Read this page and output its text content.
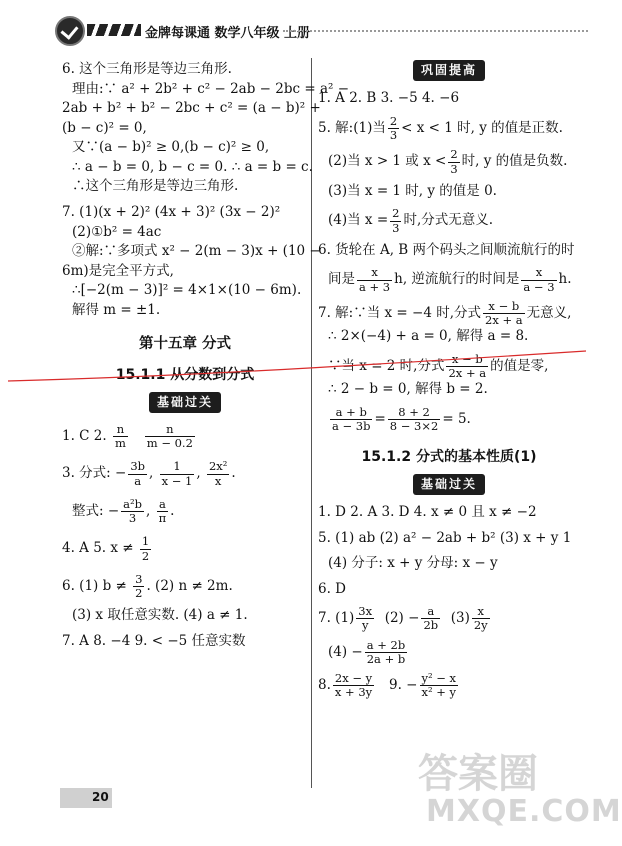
金牌每课通 数学八年级 上册
6. 这个三角形是等边三角形.
理由:∵ a² + 2b² + c² − 2ab − 2bc = a² −
2ab + b² + b² − 2bc + c² = (a − b)² +
(b − c)² = 0,
又∵(a − b)² ≥ 0,(b − c)² ≥ 0,
∴ a − b = 0, b − c = 0. ∴ a = b = c.
∴这个三角形是等边三角形.
7. (1)(x + 2)² (4x + 3)² (3x − 2)²
(2)①b² = 4ac
②解:∵多项式 x² − 2(m − 3)x + (10 −
6m)是完全平方式,
∴[−2(m − 3)]² = 4×1×(10 − 6m).
解得 m = ±1.
第十五章 分式
15.1.1 从分数到分式
基础过关
1. C 2. $\frac{n}{m}$
$\frac{n}{m - 0.2}$
3. 分式: − $\frac{3b}{a}$ , $\frac{1}{x - 1}$ , $\frac{\text{2x²}}{x}$ .
整式: − $\frac{\text{a²b}}{3}$ , $\frac{a}{\pi}$ .
4. A 5. $x \ne \frac{1}{2}$
6. (1) $b \ne \frac{3}{2}$ . (2) n ≠ 2m.
(3) x 取任意实数. (4) a ≠ 1.
7. A 8. −4 9. < −5 任意实数
巩固提高
1. A 2. B 3. −5 4. −6
5. 解:(1)当 $\frac{2}{3} < x < 1$ 时, y 的值是正数.
(2)当 x > 1 或 $x < \frac{2}{3}$ 时, y 的值是负数.
(3)当 x = 1 时, y 的值是 0.
(4)当 $x = \frac{2}{3}$ 时,分式无意义.
6. 货轮在 A, B 两个码头之间顺流航行的时
间是 $\frac{x}{a + 3} h$, 逆流航行的时间是 $\frac{x}{a - 3} h$.
7. 解:∵当 x = −4 时,分式 $\frac{x - b}{2x + a}$ 无意义,
∴ 2×(−4) + a = 0, 解得 a = 8.
∵当 x = 2 时,分式 $\frac{x - b}{2x + a}$ 的值是零,
∴ 2 − b = 0, 解得 b = 2.
$\frac{a + b}{a - 3b} = \frac{8 + 2}{8 - 3\times 2} = 5$.
15.1.2 分式的基本性质(1)
基础过关
1. D 2. A 3. D 4. x ≠ 0 且 x ≠ −2
5. (1) ab (2) a² − 2ab + b² (3) x + y 1
(4) 分子: x + y 分母: x − y
6. D
7. $(1) \frac{3x}{y} (2) - \frac{a}{2b} (3) \frac{x}{2y}$
$(4) - \frac{a + 2b}{2a + b}$
8. $\frac{2x - y}{x + 3y} 9$. − $\frac{\text{y² − x}}{\text{x² + y}}$
20	答案圈
MXQE.COM
